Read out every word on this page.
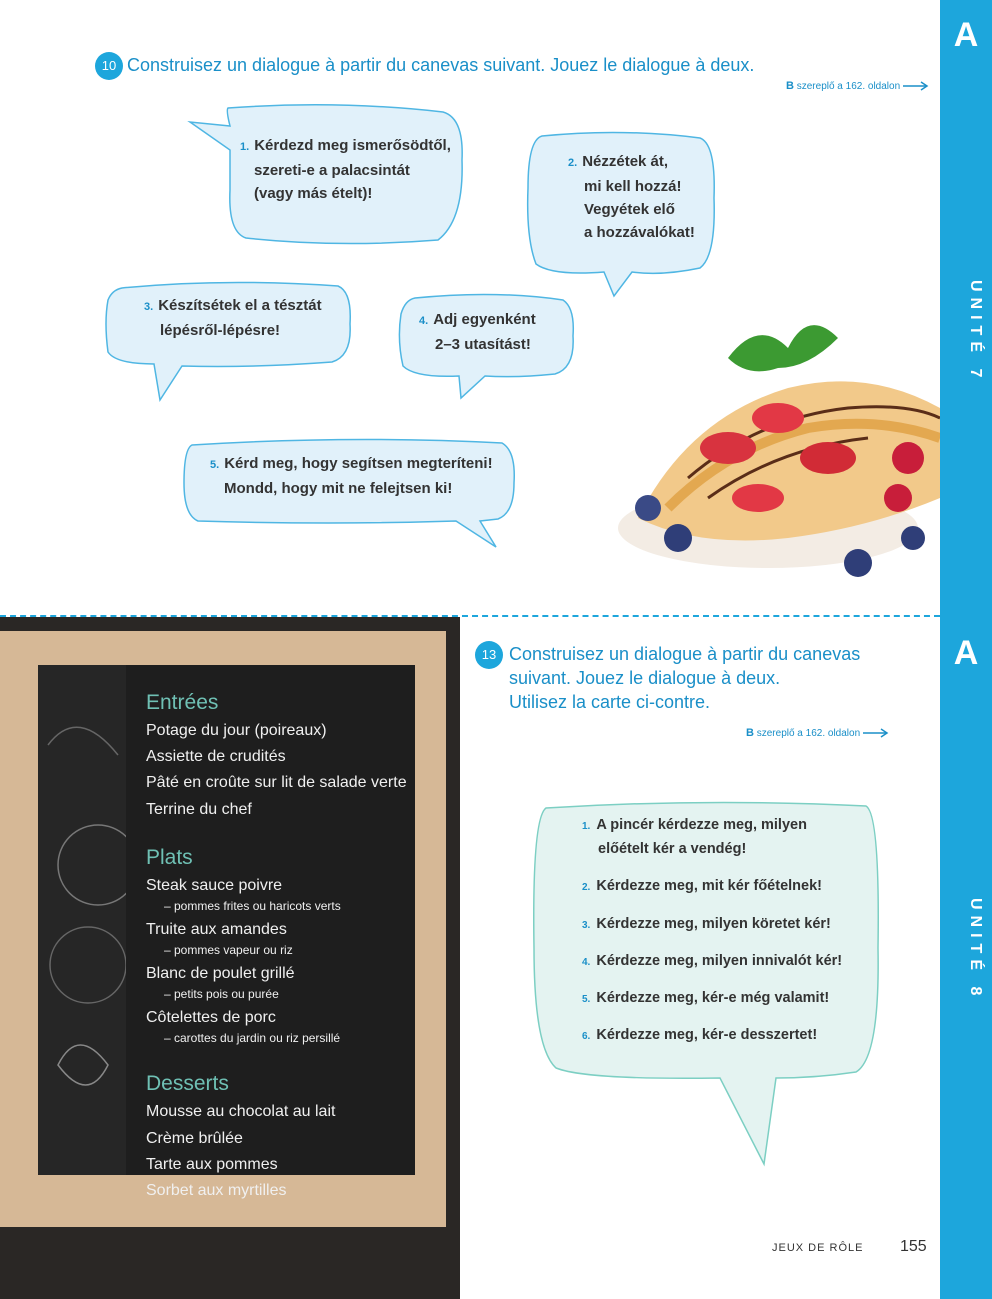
A
UNITÉ 7
A
UNITÉ 8
10 Construisez un dialogue à partir du canevas suivant. Jouez le dialogue à deux.
B szereplő a 162. oldalon
1. Kérdezd meg ismerősödtől,
szereti-e a palacsintát
(vagy más ételt)!
2. Nézzétek át,
mi kell hozzá!
Vegyétek elő
a hozzávalókat!
3. Készítsétek el a tésztát
lépésről-lépésre!
4. Adj egyenként
2–3 utasítást!
5. Kérd meg, hogy segítsen megteríteni!
Mondd, hogy mit ne felejtsen ki!
Entrées
Potage du jour (poireaux)
Assiette de crudités
Pâté en croûte sur lit de salade verte
Terrine du chef
Plats
Steak sauce poivre
– pommes frites ou haricots verts
Truite aux amandes
– pommes vapeur ou riz
Blanc de poulet grillé
– petits pois ou purée
Côtelettes de porc
– carottes du jardin ou riz persillé
Desserts
Mousse au chocolat au lait
Crème brûlée
Tarte aux pommes
Sorbet aux myrtilles
13 Construisez un dialogue à partir du canevas
suivant. Jouez le dialogue à deux.
Utilisez la carte ci-contre.
B szereplő a 162. oldalon
1. A pincér kérdezze meg, milyen
előételt kér a vendég!
2. Kérdezze meg, mit kér főételnek!
3. Kérdezze meg, milyen köretet kér!
4. Kérdezze meg, milyen innivalót kér!
5. Kérdezze meg, kér-e még valamit!
6. Kérdezze meg, kér-e desszertet!
JEUX DE RÔLE 155
